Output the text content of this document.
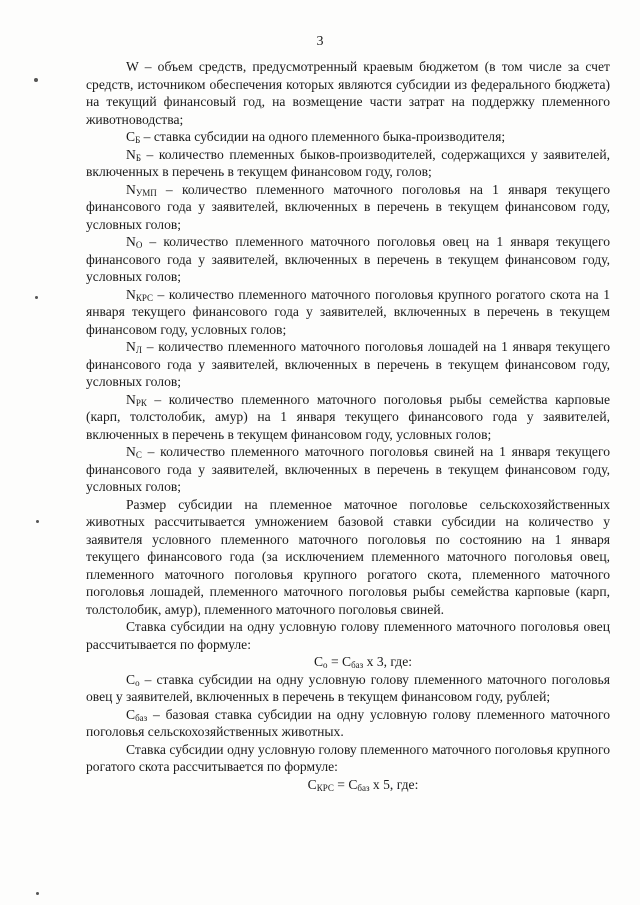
3

W – объем средств, предусмотренный краевым бюджетом (в том числе за счет средств, источником обеспечения которых являются субсидии из федерального бюджета) на текущий финансовый год, на возмещение части затрат на поддержку племенного животноводства;

$С_Б$ – ставка субсидии на одного племенного быка-производителя;

$N_Б$ – количество племенных быков-производителей, содержащихся у заявителей, включенных в перечень в текущем финансовом году, голов;

$N_{УМП}$ – количество племенного маточного поголовья на 1 января текущего финансового года у заявителей, включенных в перечень в текущем финансовом году, условных голов;

$N_О$ – количество племенного маточного поголовья овец на 1 января текущего финансового года у заявителей, включенных в перечень в текущем финансовом году, условных голов;

$N_{КРС}$ – количество племенного маточного поголовья крупного рогатого скота на 1 января текущего финансового года у заявителей, включенных в перечень в текущем финансовом году, условных голов;

$N_Л$ – количество племенного маточного поголовья лошадей на 1 января текущего финансового года у заявителей, включенных в перечень в текущем финансовом году, условных голов;

$N_{РК}$ – количество племенного маточного поголовья рыбы семейства карповые (карп, толстолобик, амур) на 1 января текущего финансового года у заявителей, включенных в перечень в текущем финансовом году, условных голов;

$N_С$ – количество племенного маточного поголовья свиней на 1 января текущего финансового года у заявителей, включенных в перечень в текущем финансовом году, условных голов;

Размер субсидии на племенное маточное поголовье сельскохозяйственных животных рассчитывается умножением базовой ставки субсидии на количество у заявителя условного племенного маточного поголовья по состоянию на 1 января текущего финансового года (за исключением племенного маточного поголовья овец, племенного маточного поголовья крупного рогатого скота, племенного маточного поголовья лошадей, племенного маточного поголовья рыбы семейства карповые (карп, толстолобик, амур), племенного маточного поголовья свиней.

Ставка субсидии на одну условную голову племенного маточного поголовья овец рассчитывается по формуле:

$С_о = С_{баз}$ х 3, где:

$С_о$ – ставка субсидии на одну условную голову племенного маточного поголовья овец у заявителей, включенных в перечень в текущем финансовом году, рублей;

$С_{баз}$ – базовая ставка субсидии на одну условную голову племенного маточного поголовья сельскохозяйственных животных.

Ставка субсидии одну условную голову племенного маточного поголовья крупного рогатого скота рассчитывается по формуле:

$С_{КРС} = С_{баз}$ х 5, где:
